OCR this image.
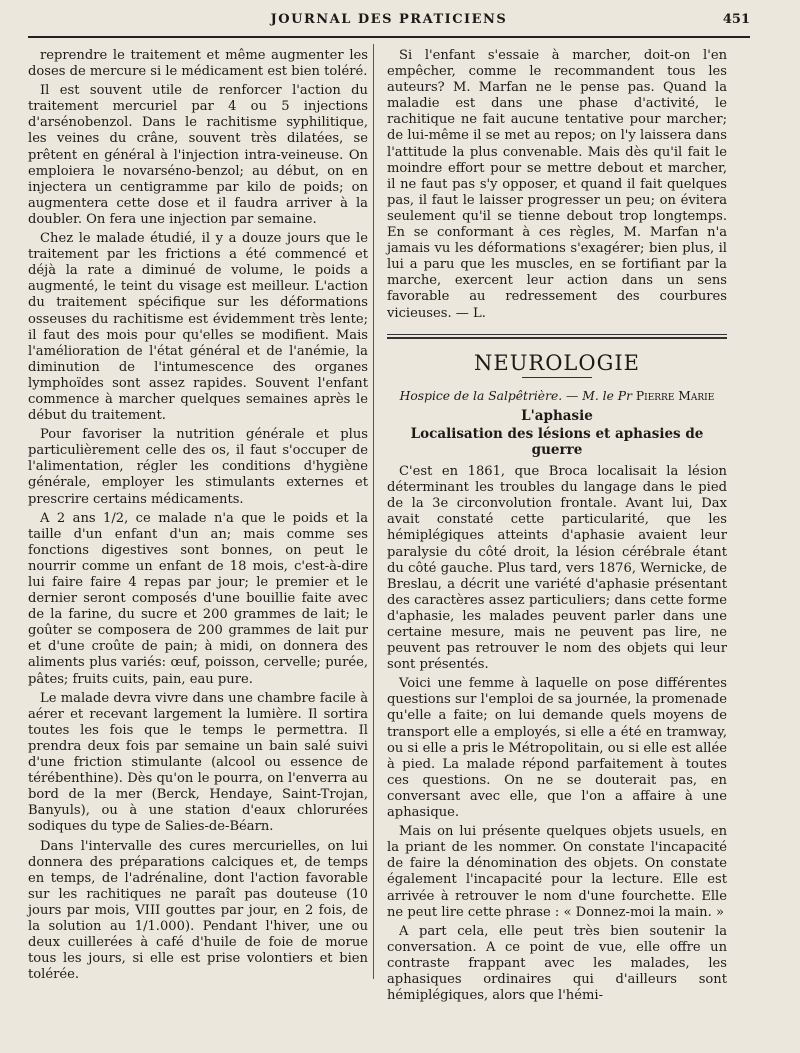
JOURNAL DES PRATICIENS	451

reprendre le traitement et même augmenter les doses de mercure si le médicament est bien toléré.

Il est souvent utile de renforcer l'action du traitement mercuriel par 4 ou 5 injections d'arsénobenzol. Dans le rachitisme syphilitique, les veines du crâne, souvent très dilatées, se prêtent en général à l'injection intra-veineuse. On emploiera le novarséno-benzol; au début, on en injectera un centigramme par kilo de poids; on augmentera cette dose et il faudra arriver à la doubler. On fera une injection par semaine.

Chez le malade étudié, il y a douze jours que le traitement par les frictions a été commencé et déjà la rate a diminué de volume, le poids a augmenté, le teint du visage est meilleur. L'action du traitement spécifique sur les déformations osseuses du rachitisme est évidemment très lente; il faut des mois pour qu'elles se modifient. Mais l'amélioration de l'état général et de l'anémie, la diminution de l'intumescence des organes lymphoïdes sont assez rapides. Souvent l'enfant commence à marcher quelques semaines après le début du traitement.

Pour favoriser la nutrition générale et plus particulièrement celle des os, il faut s'occuper de l'alimentation, régler les conditions d'hygiène générale, employer les stimulants externes et prescrire certains médicaments.

A 2 ans 1/2, ce malade n'a que le poids et la taille d'un enfant d'un an; mais comme ses fonctions digestives sont bonnes, on peut le nourrir comme un enfant de 18 mois, c'est-à-dire lui faire faire 4 repas par jour; le premier et le dernier seront composés d'une bouillie faite avec de la farine, du sucre et 200 grammes de lait; le goûter se composera de 200 grammes de lait pur et d'une croûte de pain; à midi, on donnera des aliments plus variés: œuf, poisson, cervelle; purée, pâtes; fruits cuits, pain, eau pure.

Le malade devra vivre dans une chambre facile à aérer et recevant largement la lumière. Il sortira toutes les fois que le temps le permettra. Il prendra deux fois par semaine un bain salé suivi d'une friction stimulante (alcool ou essence de térébenthine). Dès qu'on le pourra, on l'enverra au bord de la mer (Berck, Hendaye, Saint-Trojan, Banyuls), ou à une station d'eaux chlorurées sodiques du type de Salies-de-Béarn.

Dans l'intervalle des cures mercurielles, on lui donnera des préparations calciques et, de temps en temps, de l'adrénaline, dont l'action favorable sur les rachitiques ne paraît pas douteuse (10 jours par mois, VIII gouttes par jour, en 2 fois, de la solution au 1/1.000). Pendant l'hiver, une ou deux cuillerées à café d'huile de foie de morue tous les jours, si elle est prise volontiers et bien tolérée.

Si l'enfant s'essaie à marcher, doit-on l'en empêcher, comme le recommandent tous les auteurs? M. Marfan ne le pense pas. Quand la maladie est dans une phase d'activité, le rachitique ne fait aucune tentative pour marcher; de lui-même il se met au repos; on l'y laissera dans l'attitude la plus convenable. Mais dès qu'il fait le moindre effort pour se mettre debout et marcher, il ne faut pas s'y opposer, et quand il fait quelques pas, il faut le laisser progresser un peu; on évitera seulement qu'il se tienne debout trop longtemps. En se conformant à ces règles, M. Marfan n'a jamais vu les déformations s'exagérer; bien plus, il lui a paru que les muscles, en se fortifiant par la marche, exercent leur action dans un sens favorable au redressement des courbures vicieuses. — L.

NEUROLOGIE
Hospice de la Salpêtrière. — M. le Pr Pierre Marie
L'aphasie
Localisation des lésions et aphasies de guerre

C'est en 1861, que Broca localisait la lésion déterminant les troubles du langage dans le pied de la 3e circonvolution frontale. Avant lui, Dax avait constaté cette particularité, que les hémiplégiques atteints d'aphasie avaient leur paralysie du côté droit, la lésion cérébrale étant du côté gauche. Plus tard, vers 1876, Wernicke, de Breslau, a décrit une variété d'aphasie présentant des caractères assez particuliers; dans cette forme d'aphasie, les malades peuvent parler dans une certaine mesure, mais ne peuvent pas lire, ne peuvent pas retrouver le nom des objets qui leur sont présentés.

Voici une femme à laquelle on pose différentes questions sur l'emploi de sa journée, la promenade qu'elle a faite; on lui demande quels moyens de transport elle a employés, si elle a été en tramway, ou si elle a pris le Métropolitain, ou si elle est allée à pied. La malade répond parfaitement à toutes ces questions. On ne se douterait pas, en conversant avec elle, que l'on a affaire à une aphasique.

Mais on lui présente quelques objets usuels, en la priant de les nommer. On constate l'incapacité de faire la dénomination des objets. On constate également l'incapacité pour la lecture. Elle est arrivée à retrouver le nom d'une fourchette. Elle ne peut lire cette phrase : « Donnez-moi la main. »

A part cela, elle peut très bien soutenir la conversation. A ce point de vue, elle offre un contraste frappant avec les malades, les aphasiques ordinaires qui d'ailleurs sont hémiplégiques, alors que l'hémi-
